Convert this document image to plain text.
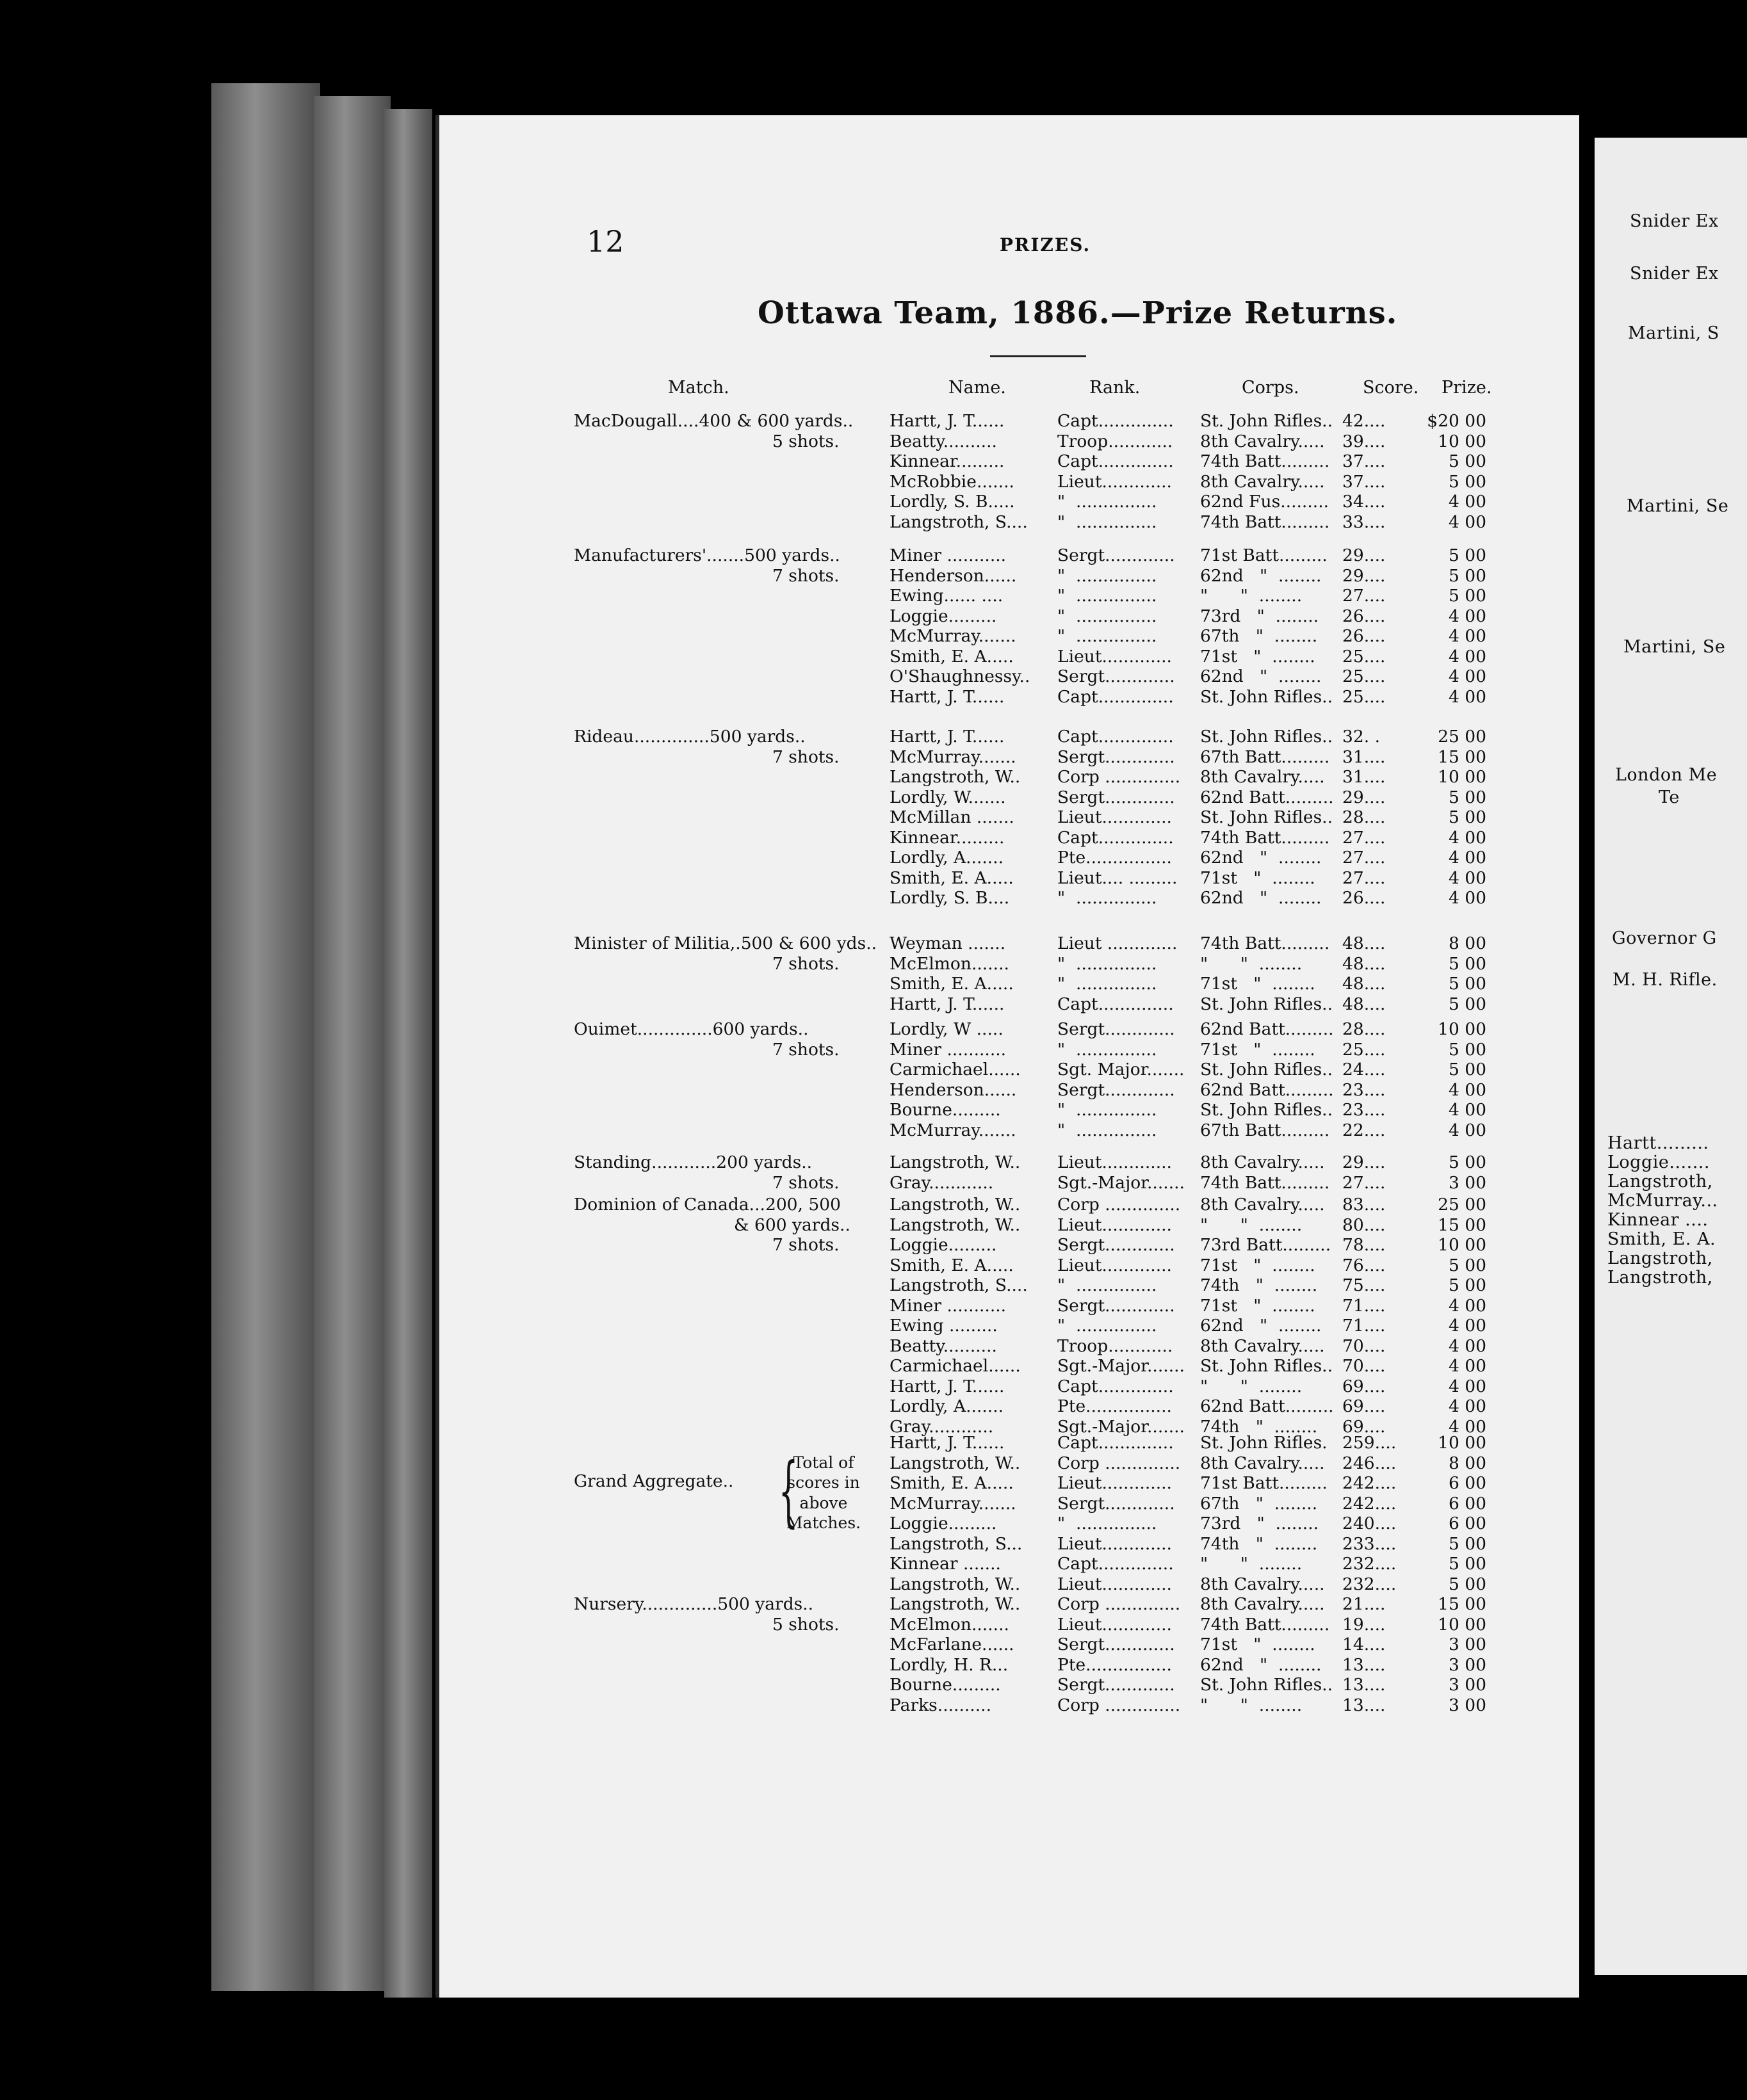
12	PRIZES.
Ottawa Team, 1886.—Prize Returns.
Match.	Name.	Rank.	Corps.	Score. Prize.
MacDougall....400 & 600 yards..
5 shots.
Hartt, J. T......	Capt.............. St. John Rifles.. 42....	$20 00
Beatty..........	Troop............ 8th Cavalry..... 39....	10 00
Kinnear.........	Capt.............. 74th Batt......... 37....	5 00
McRobbie.......	Lieut............. 8th Cavalry..... 37....	5 00
Lordly, S. B.....	"  ...............	62nd Fus......... 34....	4 00
Langstroth, S.... "  ...............	74th Batt......... 33....	4 00
Manufacturers'.......500 yards..
7 shots.
Miner ...........	Sergt............. 71st Batt......... 29....	5 00
Henderson...... "  ...............	62nd   "  ........ 29....	5 00
Ewing...... ....	"  ...............	"      "  ........ 27....	5 00
Loggie.........	"  ...............	73rd   "  ........ 26....	4 00
McMurray....... "  ...............	67th   "  ........ 26....	4 00
Smith, E. A.....	Lieut............. 71st   "  ........ 25....	4 00
O'Shaughnessy.. Sergt............. 62nd   "  ........ 25....	4 00
Hartt, J. T......	Capt.............. St. John Rifles.. 25....	4 00
Rideau..............500 yards..
7 shots.
Hartt, J. T......	Capt.............. St. John Rifles.. 32. .	25 00
McMurray....... Sergt............. 67th Batt......... 31....	15 00
Langstroth, W.. Corp .............. 8th Cavalry..... 31....	10 00
Lordly, W.......	Sergt............. 62nd Batt......... 29....	5 00
McMillan .......	Lieut............. St. John Rifles.. 28....	5 00
Kinnear.........	Capt.............. 74th Batt......... 27....	4 00
Lordly, A.......	Pte................ 62nd   "  ........ 27....	4 00
Smith, E. A.....	Lieut.... ......... 71st   "  ........ 27....	4 00
Lordly, S. B....	"  ...............	62nd   "  ........ 26....	4 00
Minister of Militia,.500 & 600 yds..
7 shots.
Weyman .......	Lieut ............. 74th Batt......... 48....	8 00
McElmon.......	"  ...............	"      "  ........ 48....	5 00
Smith, E. A.....	"  ...............	71st   "  ........ 48....	5 00
Hartt, J. T......	Capt.............. St. John Rifles.. 48....	5 00
Ouimet..............600 yards..
7 shots.
Lordly, W .....	Sergt............. 62nd Batt......... 28....	10 00
Miner ...........	"  ...............	71st   "  ........ 25....	5 00
Carmichael...... Sgt. Major....... St. John Rifles.. 24....	5 00
Henderson...... Sergt............. 62nd Batt......... 23....	4 00
Bourne.........	"  ...............	St. John Rifles.. 23....	4 00
McMurray....... "  ...............	67th Batt......... 22....	4 00
Standing............200 yards..
7 shots.
Langstroth, W.. Lieut............. 8th Cavalry..... 29....	5 00
Gray............	Sgt.-Major....... 74th Batt......... 27....	3 00
Dominion of Canada...200, 500
& 600 yards..
7 shots.
Langstroth, W.. Corp .............. 8th Cavalry..... 83....	25 00
Langstroth, W.. Lieut............. "      "  ........ 80....	15 00
Loggie.........	Sergt............. 73rd Batt......... 78....	10 00
Smith, E. A.....	Lieut............. 71st   "  ........ 76....	5 00
Langstroth, S.... "  ...............	74th   "  ........ 75....	5 00
Miner ...........	Sergt............. 71st   "  ........ 71....	4 00
Ewing .........	"  ...............	62nd   "  ........ 71....	4 00
Beatty..........	Troop............ 8th Cavalry..... 70....	4 00
Carmichael...... Sgt.-Major....... St. John Rifles.. 70....	4 00
Hartt, J. T......	Capt.............. "      "  ........ 69....	4 00
Lordly, A.......	Pte................ 62nd Batt......... 69....	4 00
Gray............	Sgt.-Major....... 74th   "  ........ 69....	4 00
Grand Aggregate.. {
Total of
scores in
above
Matches.
Hartt, J. T......	Capt.............. St. John Rifles. 259....	10 00
Langstroth, W.. Corp .............. 8th Cavalry..... 246....	8 00
Smith, E. A.....	Lieut............. 71st Batt......... 242....	6 00
McMurray....... Sergt............. 67th   "  ........ 242....	6 00
Loggie.........	"  ...............	73rd   "  ........ 240....	6 00
Langstroth, S... Lieut............. 74th   "  ........ 233....	5 00
Kinnear .......	Capt.............. "      "  ........ 232....	5 00
Langstroth, W.. Lieut............. 8th Cavalry..... 232....	5 00
Nursery..............500 yards..
5 shots.
Langstroth, W.. Corp .............. 8th Cavalry..... 21....	15 00
McElmon.......	Lieut............. 74th Batt......... 19....	10 00
McFarlane......	Sergt............. 71st   "  ........ 14....	3 00
Lordly, H. R...	Pte................ 62nd   "  ........ 13....	3 00
Bourne.........	Sergt............. St. John Rifles.. 13....	3 00
Parks..........	Corp .............. "      "  ........ 13....	3 00
Snider Ex
Snider Ex
Martini, S
Martini, Se
Martini, Se
London Me
Te
Governor G
M. H. Rifle.
Hartt.........
Loggie.......
Langstroth,
McMurray...
Kinnear ....
Smith, E. A.
Langstroth,
Langstroth,
